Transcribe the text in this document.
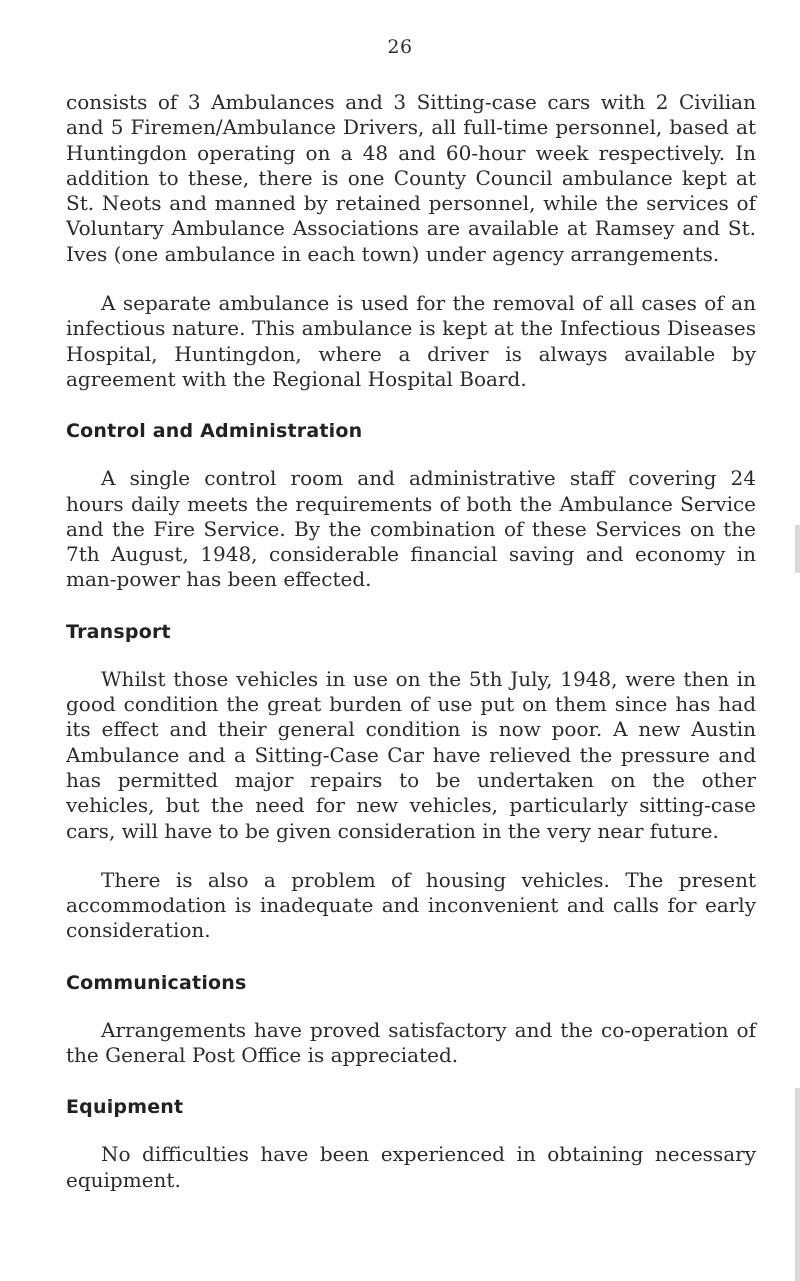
26

consists of 3 Ambulances and 3 Sitting-case cars with 2 Civilian and 5 Firemen/Ambulance Drivers, all full-time personnel, based at Huntingdon operating on a 48 and 60-hour week respectively. In addition to these, there is one County Council ambulance kept at St. Neots and manned by retained personnel, while the services of Voluntary Ambulance Associations are available at Ramsey and St. Ives (one ambulance in each town) under agency arrangements.

A separate ambulance is used for the removal of all cases of an infectious nature. This ambulance is kept at the Infectious Diseases Hospital, Huntingdon, where a driver is always available by agreement with the Regional Hospital Board.

Control and Administration

A single control room and administrative staff covering 24 hours daily meets the requirements of both the Ambulance Service and the Fire Service. By the combination of these Services on the 7th August, 1948, considerable financial saving and economy in man-power has been effected.

Transport

Whilst those vehicles in use on the 5th July, 1948, were then in good condition the great burden of use put on them since has had its effect and their general condition is now poor. A new Austin Ambulance and a Sitting-Case Car have relieved the pressure and has permitted major repairs to be undertaken on the other vehicles, but the need for new vehicles, particularly sitting-case cars, will have to be given consideration in the very near future.

There is also a problem of housing vehicles. The present accommodation is inadequate and inconvenient and calls for early consideration.

Communications

Arrangements have proved satisfactory and the co-operation of the General Post Office is appreciated.

Equipment

No difficulties have been experienced in obtaining necessary equipment.
